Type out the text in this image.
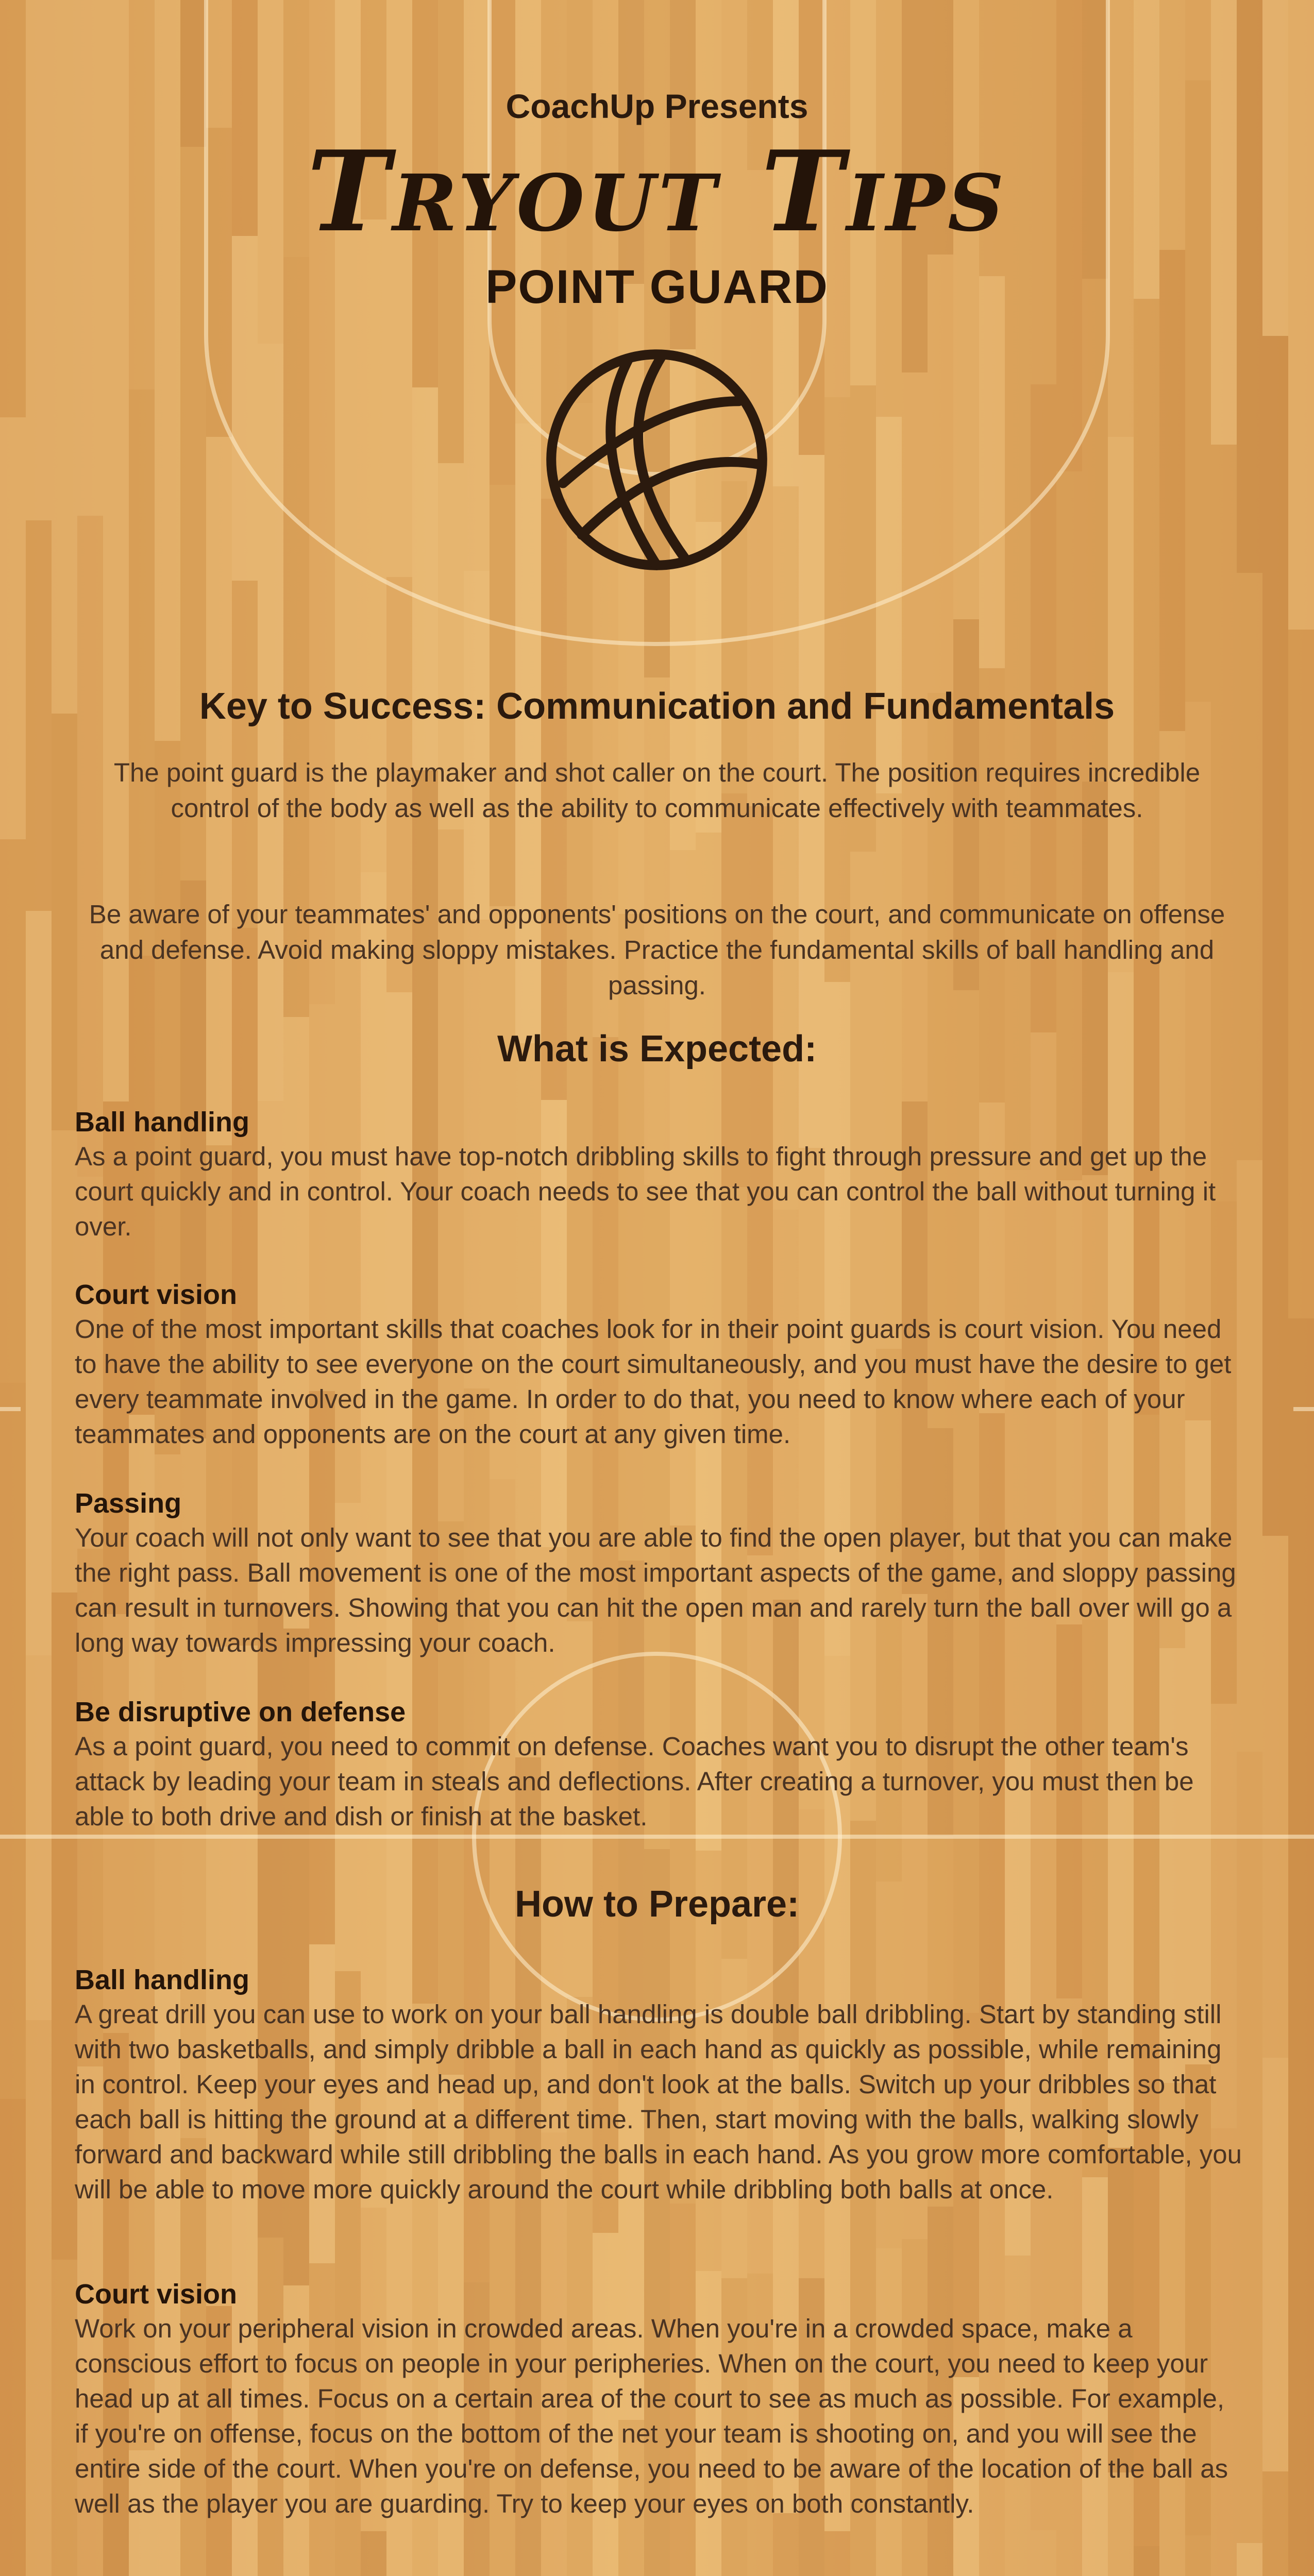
CoachUp Presents
Tryout Tips
POINT GUARD
Key to Success: Communication and Fundamentals
The point guard is the playmaker and shot caller on the court. The position requires incredible control of the body as well as the ability to communicate effectively with teammates.
Be aware of your teammates' and opponents' positions on the court, and communicate on offense and defense. Avoid making sloppy mistakes. Practice the fundamental skills of ball handling and passing.
What is Expected:
Ball handling
As a point guard, you must have top-notch dribbling skills to fight through pressure and get up the court quickly and in control. Your coach needs to see that you can control the ball without turning it over.
Court vision
One of the most important skills that coaches look for in their point guards is court vision. You need to have the ability to see everyone on the court simultaneously, and you must have the desire to get every teammate involved in the game. In order to do that, you need to know where each of your teammates and opponents are on the court at any given time.
Passing
Your coach will not only want to see that you are able to find the open player, but that you can make the right pass. Ball movement is one of the most important aspects of the game, and sloppy passing can result in turnovers. Showing that you can hit the open man and rarely turn the ball over will go a long way towards impressing your coach.
Be disruptive on defense
As a point guard, you need to commit on defense. Coaches want you to disrupt the other team's attack by leading your team in steals and deflections. After creating a turnover, you must then be able to both drive and dish or finish at the basket.
How to Prepare:
Ball handling
A great drill you can use to work on your ball handling is double ball dribbling. Start by standing still with two basketballs, and simply dribble a ball in each hand as quickly as possible, while remaining in control. Keep your eyes and head up, and don't look at the balls. Switch up your dribbles so that each ball is hitting the ground at a different time. Then, start moving with the balls, walking slowly forward and backward while still dribbling the balls in each hand. As you grow more comfortable, you will be able to move more quickly around the court while dribbling both balls at once.
Court vision
Work on your peripheral vision in crowded areas. When you're in a crowded space, make a conscious effort to focus on people in your peripheries. When on the court, you need to keep your head up at all times. Focus on a certain area of the court to see as much as possible. For example, if you're on offense, focus on the bottom of the net your team is shooting on, and you will see the entire side of the court. When you're on defense, you need to be aware of the location of the ball as well as the player you are guarding. Try to keep your eyes on both constantly.
